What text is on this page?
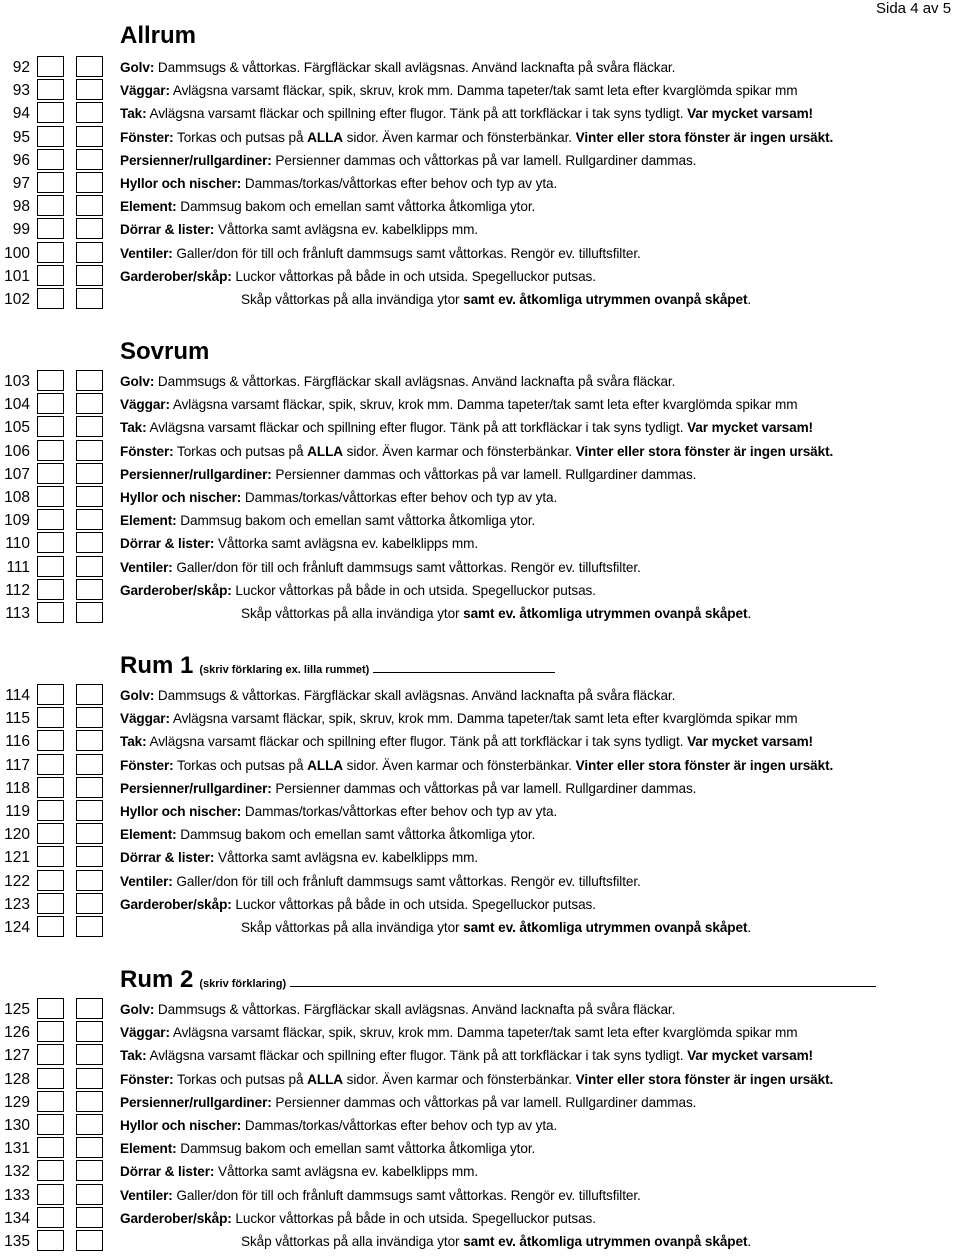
Sida 4 av 5
Allrum
92	Golv: Dammsugs & våttorkas. Färgfläckar skall avlägsnas. Använd lacknafta på svåra fläckar.
93	Väggar: Avlägsna varsamt fläckar, spik, skruv, krok mm. Damma tapeter/tak samt leta efter kvarglömda spikar mm
94	Tak: Avlägsna varsamt fläckar och spillning efter flugor. Tänk på att torkfläckar i tak syns tydligt. Var mycket varsam!
95	Fönster: Torkas och putsas på ALLA sidor. Även karmar och fönsterbänkar. Vinter eller stora fönster är ingen ursäkt.
96	Persienner/rullgardiner: Persienner dammas och våttorkas på var lamell. Rullgardiner dammas.
97	Hyllor och nischer: Dammas/torkas/våttorkas efter behov och typ av yta.
98	Element: Dammsug bakom och emellan samt våttorka åtkomliga ytor.
99	Dörrar & lister: Våttorka samt avlägsna ev. kabelklipps mm.
100	Ventiler: Galler/don för till och frånluft dammsugs samt våttorkas. Rengör ev. tilluftsfilter.
101	Garderober/skåp: Luckor våttorkas på både in och utsida. Spegelluckor putsas.
102	Skåp våttorkas på alla invändiga ytor samt ev. åtkomliga utrymmen ovanpå skåpet.
Sovrum
103	Golv: Dammsugs & våttorkas. Färgfläckar skall avlägsnas. Använd lacknafta på svåra fläckar.
104	Väggar: Avlägsna varsamt fläckar, spik, skruv, krok mm. Damma tapeter/tak samt leta efter kvarglömda spikar mm
105	Tak: Avlägsna varsamt fläckar och spillning efter flugor. Tänk på att torkfläckar i tak syns tydligt. Var mycket varsam!
106	Fönster: Torkas och putsas på ALLA sidor. Även karmar och fönsterbänkar. Vinter eller stora fönster är ingen ursäkt.
107	Persienner/rullgardiner: Persienner dammas och våttorkas på var lamell. Rullgardiner dammas.
108	Hyllor och nischer: Dammas/torkas/våttorkas efter behov och typ av yta.
109	Element: Dammsug bakom och emellan samt våttorka åtkomliga ytor.
110	Dörrar & lister: Våttorka samt avlägsna ev. kabelklipps mm.
111	Ventiler: Galler/don för till och frånluft dammsugs samt våttorkas. Rengör ev. tilluftsfilter.
112	Garderober/skåp: Luckor våttorkas på både in och utsida. Spegelluckor putsas.
113	Skåp våttorkas på alla invändiga ytor samt ev. åtkomliga utrymmen ovanpå skåpet.
Rum 1 (skriv förklaring ex. lilla rummet)
114	Golv: Dammsugs & våttorkas. Färgfläckar skall avlägsnas. Använd lacknafta på svåra fläckar.
115	Väggar: Avlägsna varsamt fläckar, spik, skruv, krok mm. Damma tapeter/tak samt leta efter kvarglömda spikar mm
116	Tak: Avlägsna varsamt fläckar och spillning efter flugor. Tänk på att torkfläckar i tak syns tydligt. Var mycket varsam!
117	Fönster: Torkas och putsas på ALLA sidor. Även karmar och fönsterbänkar. Vinter eller stora fönster är ingen ursäkt.
118	Persienner/rullgardiner: Persienner dammas och våttorkas på var lamell. Rullgardiner dammas.
119	Hyllor och nischer: Dammas/torkas/våttorkas efter behov och typ av yta.
120	Element: Dammsug bakom och emellan samt våttorka åtkomliga ytor.
121	Dörrar & lister: Våttorka samt avlägsna ev. kabelklipps mm.
122	Ventiler: Galler/don för till och frånluft dammsugs samt våttorkas. Rengör ev. tilluftsfilter.
123	Garderober/skåp: Luckor våttorkas på både in och utsida. Spegelluckor putsas.
124	Skåp våttorkas på alla invändiga ytor samt ev. åtkomliga utrymmen ovanpå skåpet.
Rum 2 (skriv förklaring)
125	Golv: Dammsugs & våttorkas. Färgfläckar skall avlägsnas. Använd lacknafta på svåra fläckar.
126	Väggar: Avlägsna varsamt fläckar, spik, skruv, krok mm. Damma tapeter/tak samt leta efter kvarglömda spikar mm
127	Tak: Avlägsna varsamt fläckar och spillning efter flugor. Tänk på att torkfläckar i tak syns tydligt. Var mycket varsam!
128	Fönster: Torkas och putsas på ALLA sidor. Även karmar och fönsterbänkar. Vinter eller stora fönster är ingen ursäkt.
129	Persienner/rullgardiner: Persienner dammas och våttorkas på var lamell. Rullgardiner dammas.
130	Hyllor och nischer: Dammas/torkas/våttorkas efter behov och typ av yta.
131	Element: Dammsug bakom och emellan samt våttorka åtkomliga ytor.
132	Dörrar & lister: Våttorka samt avlägsna ev. kabelklipps mm.
133	Ventiler: Galler/don för till och frånluft dammsugs samt våttorkas. Rengör ev. tilluftsfilter.
134	Garderober/skåp: Luckor våttorkas på både in och utsida. Spegelluckor putsas.
135	Skåp våttorkas på alla invändiga ytor samt ev. åtkomliga utrymmen ovanpå skåpet.
